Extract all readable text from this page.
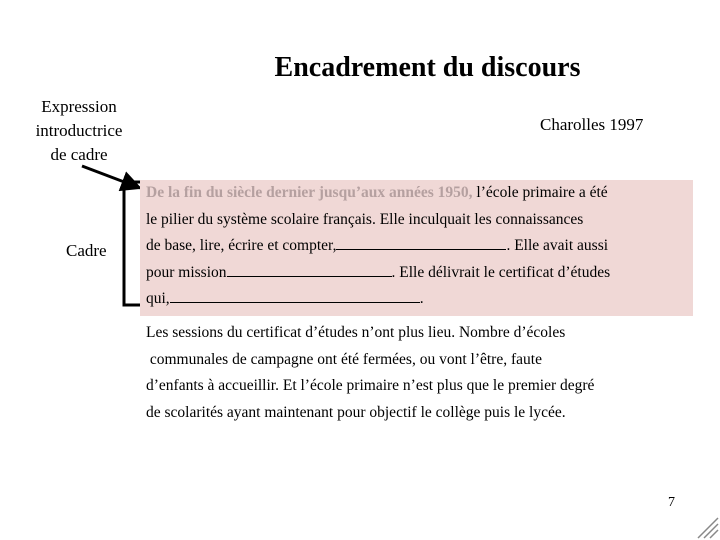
Encadrement du discours
Expression
introductrice
de cadre
Charolles 1997
Cadre
De la fin du siècle dernier jusqu’aux années 1950, l’école primaire a été
le pilier du système scolaire français. Elle inculquait les connaissances
de base, lire, écrire et compter,	. Elle avait aussi
pour mission	. Elle délivrait le certificat d’études
qui,	.
Les sessions du certificat d’études n’ont plus lieu. Nombre d’écoles
communales de campagne ont été fermées, ou vont l’être, faute
d’enfants à accueillir. Et l’école primaire n’est plus que le premier degré
de scolarités ayant maintenant pour objectif le collège puis le lycée.
7
